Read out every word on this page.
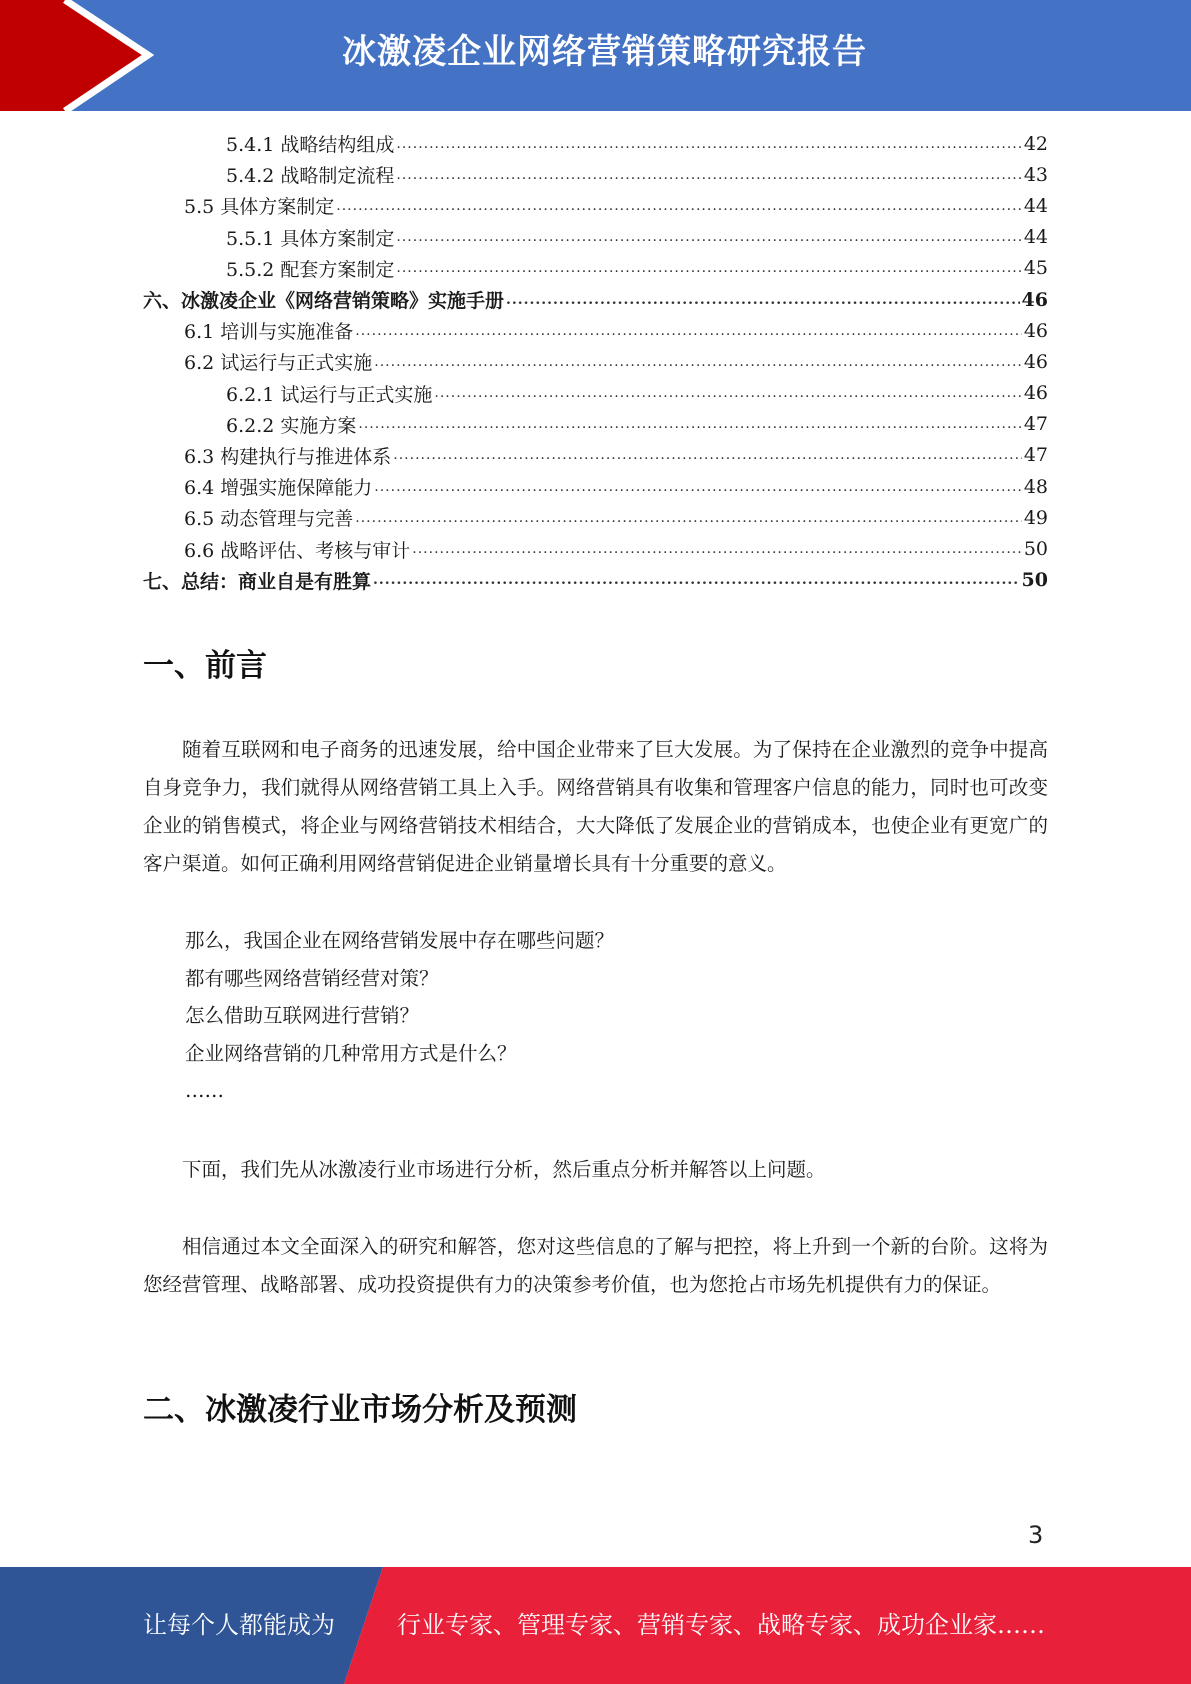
冰激凌企业网络营销策略研究报告
5.4.1 战略结构组成 .....	42
5.4.2 战略制定流程 .....	43
5.5 具体方案制定 .....	44
5.5.1 具体方案制定 .....	44
5.5.2 配套方案制定 .....	45
六、冰激凌企业《网络营销策略》实施手册 .....	46
6.1 培训与实施准备 .....	46
6.2 试运行与正式实施 .....	46
6.2.1 试运行与正式实施 .....	46
6.2.2 实施方案 .....	47
6.3 构建执行与推进体系 .....	47
6.4 增强实施保障能力 .....	48
6.5 动态管理与完善 .....	49
6.6 战略评估、考核与审计 .....	50
七、总结：商业自是有胜算 .....	50
一、前言
随着互联网和电子商务的迅速发展，给中国企业带来了巨大发展。为了保持在企业激烈的竞争中提高自身竞争力，我们就得从网络营销工具上入手。网络营销具有收集和管理客户信息的能力，同时也可改变企业的销售模式，将企业与网络营销技术相结合，大大降低了发展企业的营销成本，也使企业有更宽广的客户渠道。如何正确利用网络营销促进企业销量增长具有十分重要的意义。
那么，我国企业在网络营销发展中存在哪些问题？
都有哪些网络营销经营对策？
怎么借助互联网进行营销？
企业网络营销的几种常用方式是什么？
……
下面，我们先从冰激凌行业市场进行分析，然后重点分析并解答以上问题。
相信通过本文全面深入的研究和解答，您对这些信息的了解与把控，将上升到一个新的台阶。这将为您经营管理、战略部署、成功投资提供有力的决策参考价值，也为您抢占市场先机提供有力的保证。
二、冰激凌行业市场分析及预测
3
让每个人都能成为	行业专家、管理专家、营销专家、战略专家、成功企业家……
